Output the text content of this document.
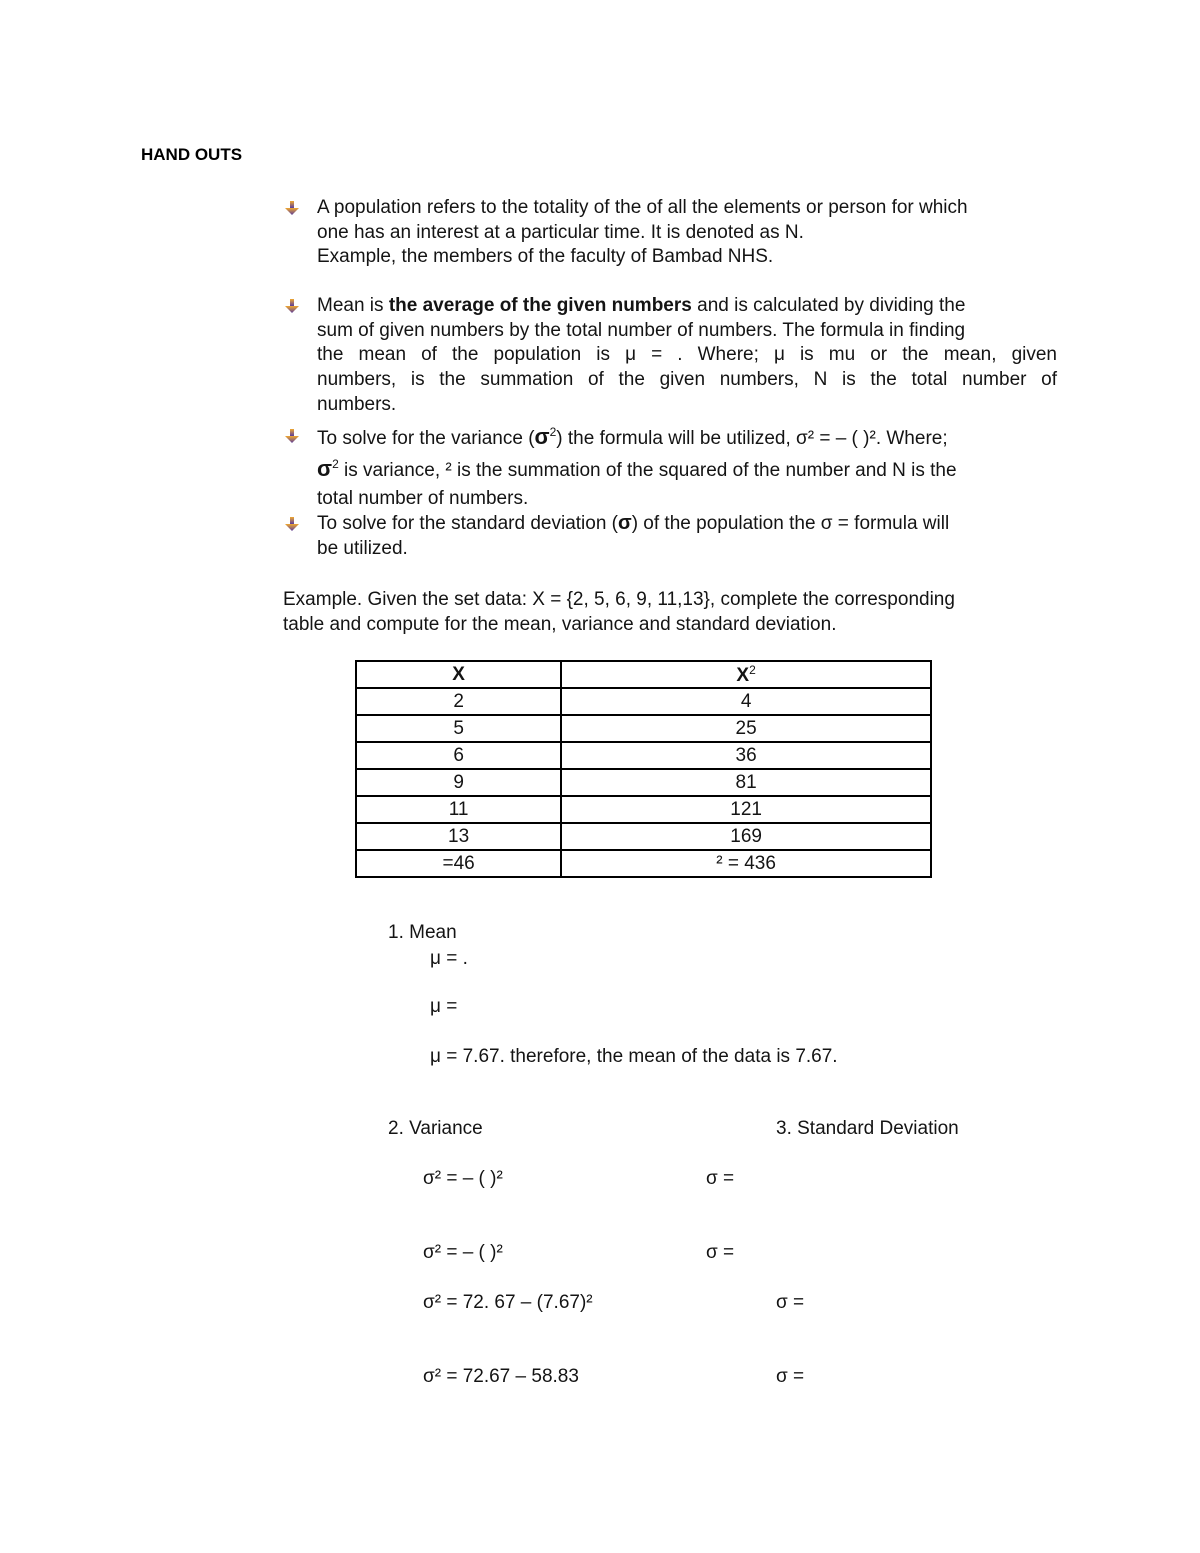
HAND OUTS

A population refers to the totality of the of all the elements or person for which

one has an interest at a particular time. It is denoted as N.

Example, the members of the faculty of Bambad NHS.

Mean is the average of the given numbers and is calculated by dividing the

sum of given numbers by the total number of numbers. The formula in finding

the mean of the population is μ = . Where; μ is mu or the mean, given

numbers, is the summation of the given numbers, N is the total number of

numbers.

To solve for the variance $(\sigma^2)$ the formula will be utilized, σ² = – ( )². Where;

$\sigma^2$ is variance, ² is the summation of the squared of the number and N is the

total number of numbers.

To solve for the standard deviation (σ) of the population the σ = formula will

be utilized.

Example. Given the set data: X = {2, 5, 6, 9, 11,13}, complete the corresponding

table and compute for the mean, variance and standard deviation.

X	$X^2$
2	4
5	25
6	36
9	81
11	121
13	169
=46	² = 436
1. Mean
μ = .
μ =
μ = 7.67. therefore, the mean of the data is 7.67.
2. Variance
σ² = – ( )²
σ² = – ( )²
σ² = 72. 67 – (7.67)²
σ² = 72.67 – 58.83
3. Standard Deviation
σ =
σ =
σ =
σ =
